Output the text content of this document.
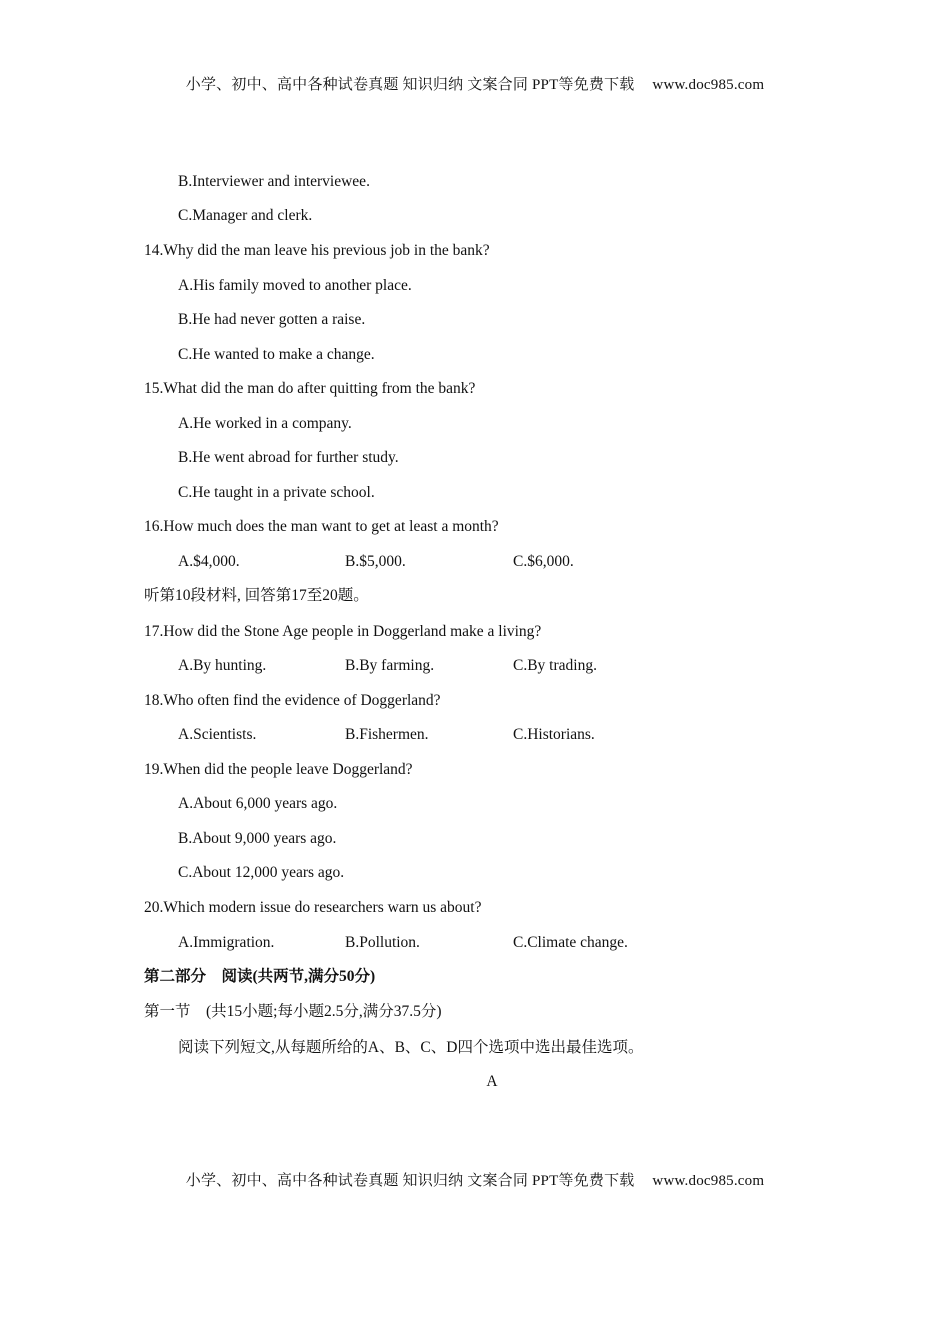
小学、初中、高中各种试卷真题 知识归纳 文案合同 PPT等免费下载 www.doc985.com
B.Interviewer and interviewee.
C.Manager and clerk.
14.Why did the man leave his previous job in the bank?
A.His family moved to another place.
B.He had never gotten a raise.
C.He wanted to make a change.
15.What did the man do after quitting from the bank?
A.He worked in a company.
B.He went abroad for further study.
C.He taught in a private school.
16.How much does the man want to get at least a month?
A.$4,000.	B.$5,000.	C.$6,000.
听第10段材料, 回答第17至20题。
17.How did the Stone Age people in Doggerland make a living?
A.By hunting.	B.By farming.	C.By trading.
18.Who often find the evidence of Doggerland?
A.Scientists.	B.Fishermen.	C.Historians.
19.When did the people leave Doggerland?
A.About 6,000 years ago.
B.About 9,000 years ago.
C.About 12,000 years ago.
20.Which modern issue do researchers warn us about?
A.Immigration.	B.Pollution.	C.Climate change.
第二部分　阅读(共两节,满分50分)
第一节　(共15小题;每小题2.5分,满分37.5分)
阅读下列短文,从每题所给的A、B、C、D四个选项中选出最佳选项。
A
小学、初中、高中各种试卷真题 知识归纳 文案合同 PPT等免费下载 www.doc985.com
